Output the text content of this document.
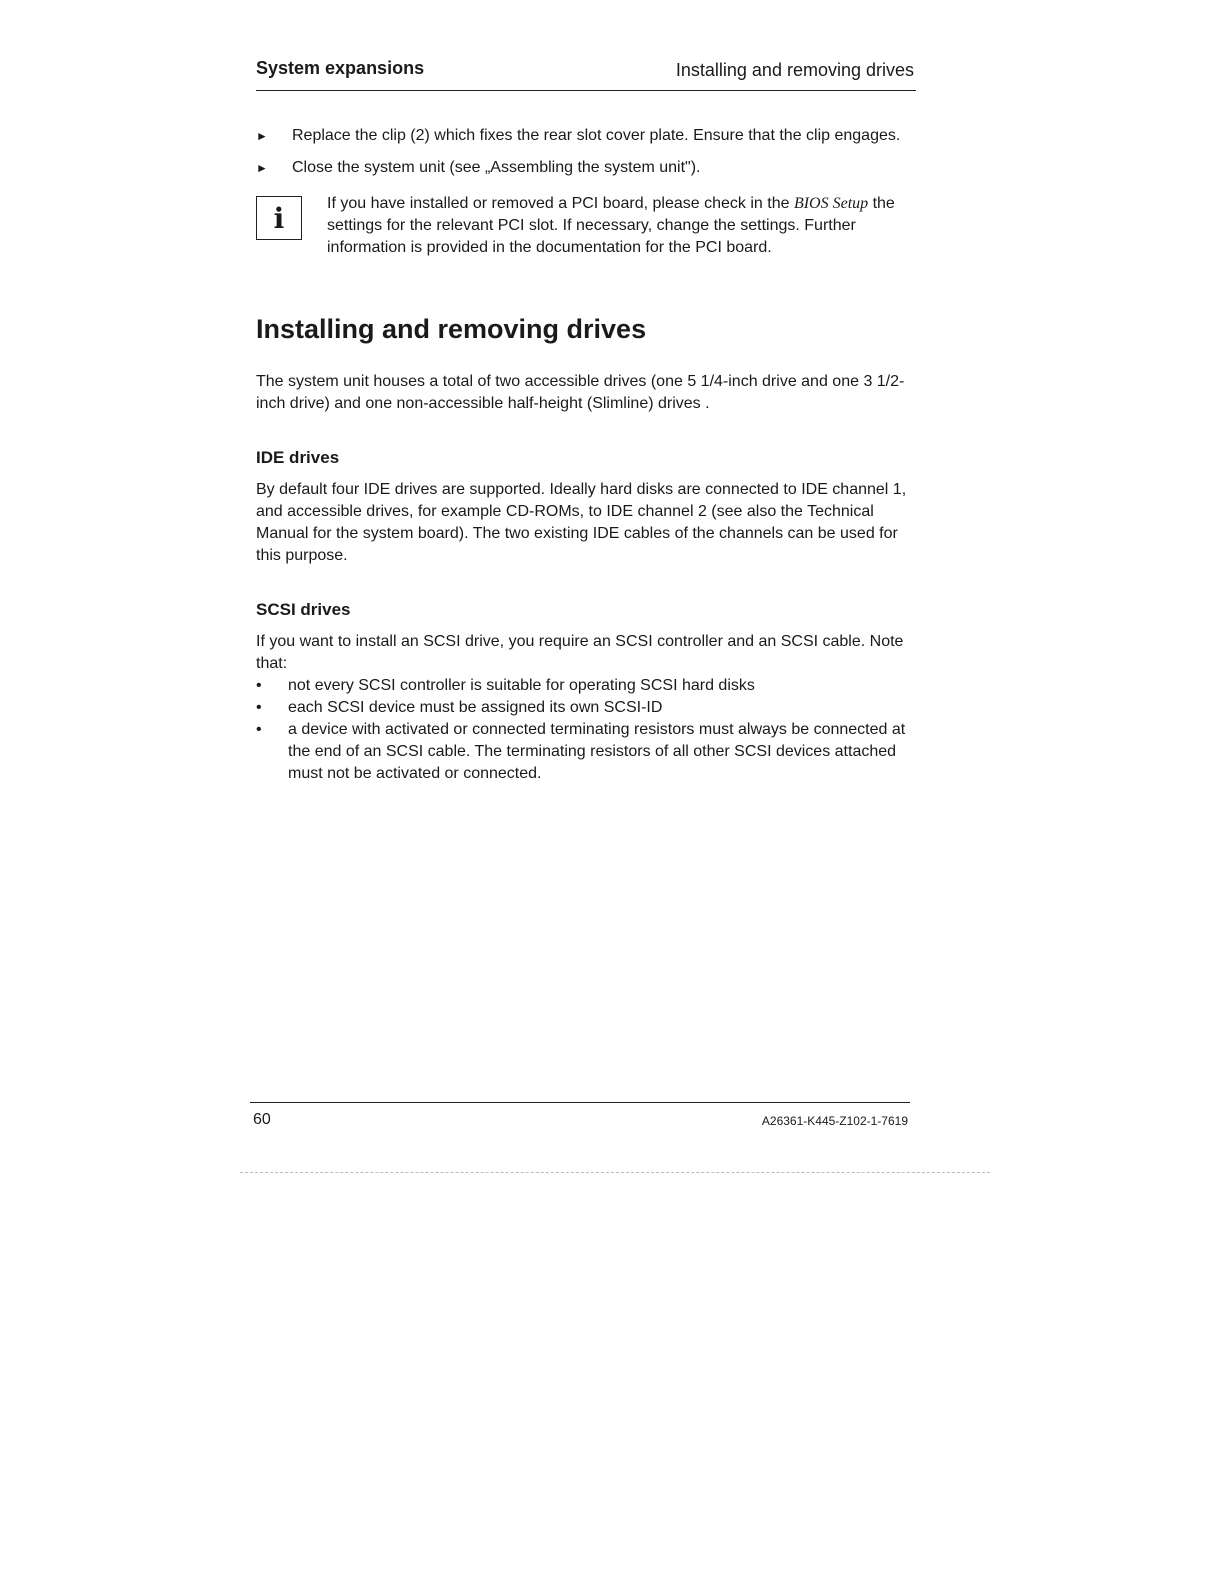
System expansions	Installing and removing drives
► Replace the clip (2) which fixes the rear slot cover plate. Ensure that the clip engages.
► Close the system unit (see „Assembling the system unit").
i	If you have installed or removed a PCI board, please check in the BIOS Setup the settings for the relevant PCI slot. If necessary, change the settings. Further information is provided in the documentation for the PCI board.

Installing and removing drives

The system unit houses a total of two accessible drives (one 5 1/4-inch drive and one 3 1/2-inch drive) and one non-accessible half-height (Slimline) drives .

IDE drives

By default four IDE drives are supported. Ideally hard disks are connected to IDE channel 1, and accessible drives, for example CD-ROMs, to IDE channel 2 (see also the Technical Manual for the system board). The two existing IDE cables of the channels can be used for this purpose.

SCSI drives

If you want to install an SCSI drive, you require an SCSI controller and an SCSI cable. Note that:

• not every SCSI controller is suitable for operating SCSI hard disks
• each SCSI device must be assigned its own SCSI-ID
• a device with activated or connected terminating resistors must always be connected at the end of an SCSI cable. The terminating resistors of all other SCSI devices attached must not be activated or connected.
60	A26361-K445-Z102-1-7619
